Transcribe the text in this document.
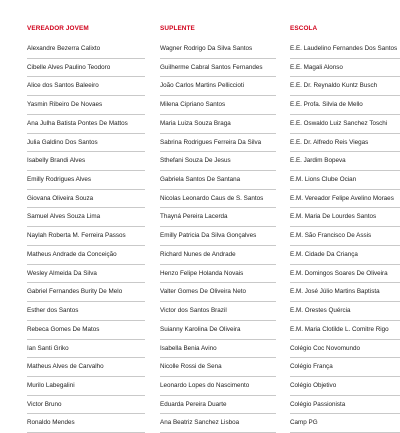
VEREADOR JOVEM	SUPLENTE	ESCOLA
Alexandre Bezerra Calixto
Cibelle Alves Paulino Teodoro
Alice dos Santos Baleeiro
Yasmin Ribeiro De Novaes
Ana Julha Batista Pontes De Mattos
Julia Galdino Dos Santos
Isabelly Brandi Alves
Emilly Rodrigues Alves
Giovana Oliveira Souza
Samuel Alves Souza Lima
Naylah Roberta M. Ferreira Passos
Matheus Andrade da Conceição
Wesley Almeida Da Silva
Gabriel Fernandes Burity De Melo
Esther dos Santos
Rebeca Gomes De Matos
Ian Santi Griko
Matheus Alves de Carvalho
Murilo Labegalini
Victor Bruno
Ronaldo Mendes
Wagner Rodrigo Da Silva Santos
Guilherme Cabral Santos Fernandes
João Carlos Martins Pelliccioti
Milena Cipriano Santos
Maria Luiza Souza Braga
Sabrina Rodrigues Ferreira Da Silva
Sthefani Souza De Jesus
Gabriela Santos De Santana
Nicolas Leonardo Caus de S. Santos
Thayná Pereira Lacerda
Emilly Patricia Da Silva Gonçalves
Richard Nunes de Andrade
Henzo Felipe Holanda Novais
Valter Gomes De Oliveira Neto
Victor dos Santos Brazil
Suianny Karolina De Oliveira
Isabella Benia Avino
Nicolle Rossi de Sena
Leonardo Lopes do Nascimento
Eduarda Pereira Duarte
Ana Beatriz Sanchez Lisboa
E.E. Laudelino Fernandes Dos Santos
E.E. Magali Alonso
E.E. Dr. Reynaldo Kuntz Busch
E.E. Profa. Silvia de Mello
E.E. Oswaldo Luiz Sanchez Toschi
E.E. Dr. Alfredo Reis Viegas
E.E. Jardim Bopeva
E.M. Lions Clube Ocian
E.M. Vereador Felipe Avelino Moraes
E.M. Maria De Lourdes Santos
E.M. São Francisco De Assis
E.M. Cidade Da Criança
E.M. Domingos Soares De Oliveira
E.M. José Júlio Martins Baptista
E.M. Orestes Quércia
E.M. Maria Clotilde L. Comitre Rigo
Colégio Coc Novomundo
Colégio França
Colégio Objetivo
Colégio Passionista
Camp PG
